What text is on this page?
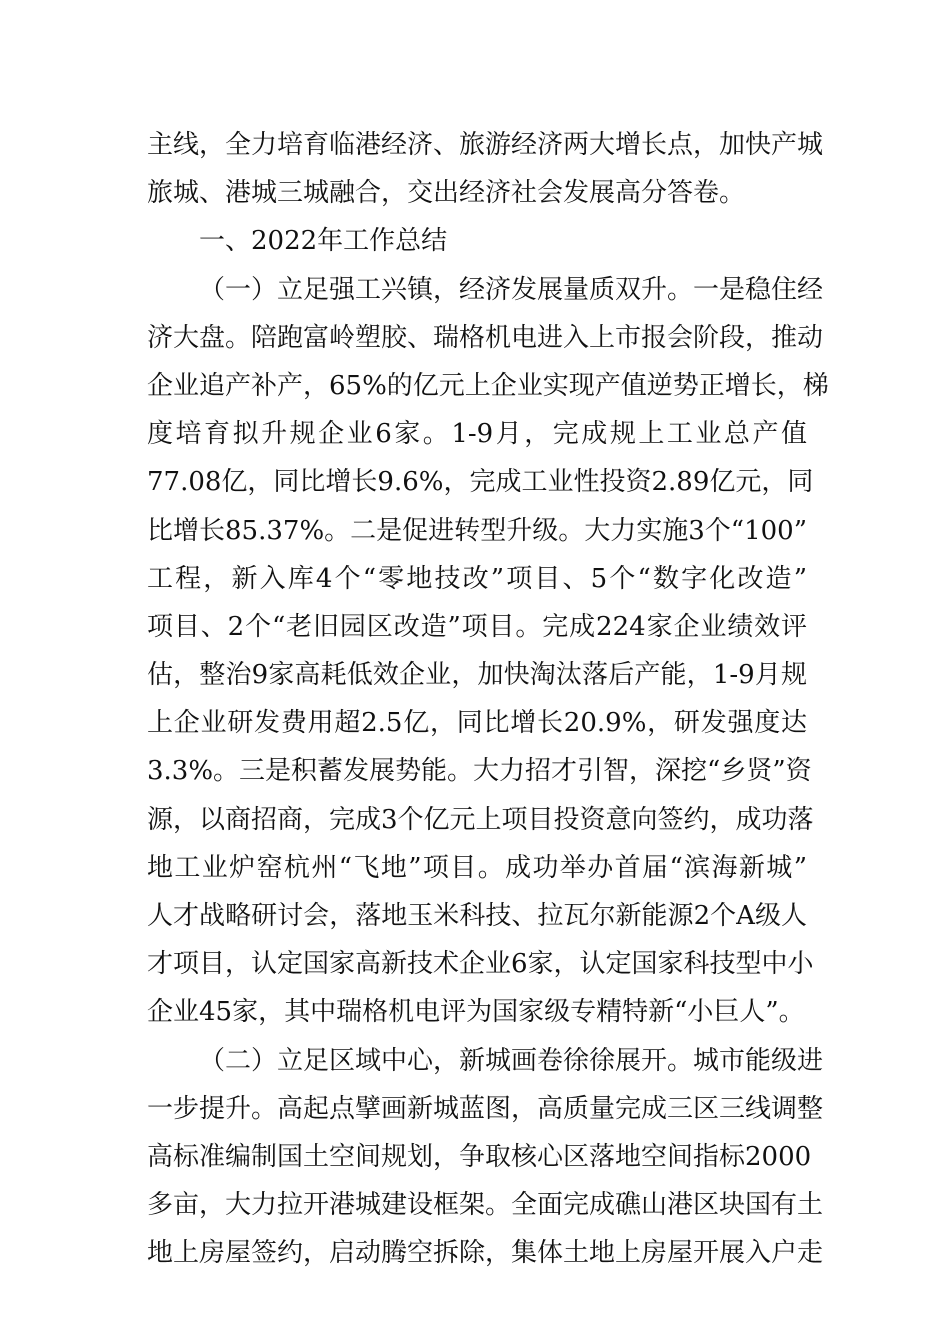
主线，全力培育临港经济、旅游经济两大增长点，加快产城
旅城、港城三城融合，交出经济社会发展高分答卷。
一、2022年工作总结
（一）立足强工兴镇，经济发展量质双升。一是稳住经
济大盘。陪跑富岭塑胶、瑞格机电进入上市报会阶段，推动
企业追产补产，65%的亿元上企业实现产值逆势正增长，梯
度培育拟升规企业6家。1-9月，完成规上工业总产值
77.08亿，同比增长9.6%，完成工业性投资2.89亿元，同
比增长85.37%。二是促进转型升级。大力实施3个“100”
工程，新入库4个“零地技改”项目、5个“数字化改造”
项目、2个“老旧园区改造”项目。完成224家企业绩效评
估，整治9家高耗低效企业，加快淘汰落后产能，1-9月规
上企业研发费用超2.5亿，同比增长20.9%，研发强度达
3.3%。三是积蓄发展势能。大力招才引智，深挖“乡贤”资
源，以商招商，完成3个亿元上项目投资意向签约，成功落
地工业炉窑杭州“飞地”项目。成功举办首届“滨海新城”
人才战略研讨会，落地玉米科技、拉瓦尔新能源2个A级人
才项目，认定国家高新技术企业6家，认定国家科技型中小
企业45家，其中瑞格机电评为国家级专精特新“小巨人”。
（二）立足区域中心，新城画卷徐徐展开。城市能级进
一步提升。高起点擘画新城蓝图，高质量完成三区三线调整
高标准编制国土空间规划，争取核心区落地空间指标2000
多亩，大力拉开港城建设框架。全面完成礁山港区块国有土
地上房屋签约，启动腾空拆除，集体土地上房屋开展入户走
